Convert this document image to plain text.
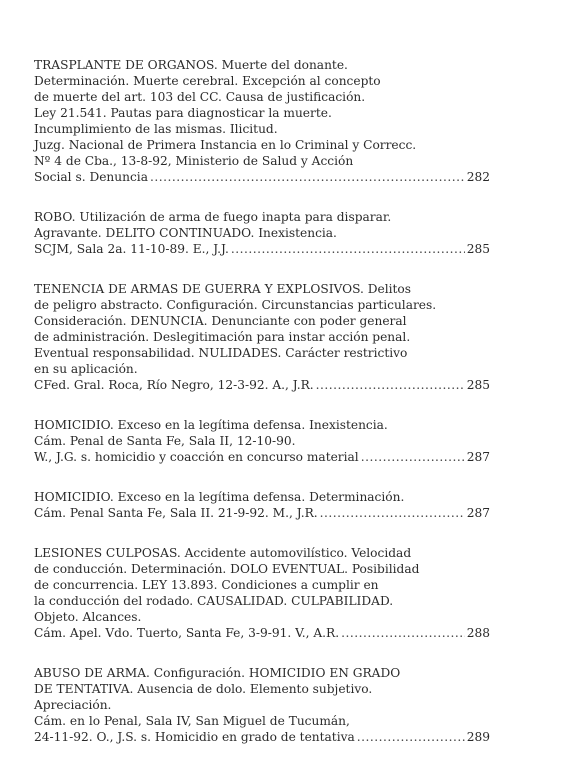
TRASPLANTE DE ORGANOS. Muerte del donante.
Determinación. Muerte cerebral. Excepción al concepto
de muerte del art. 103 del CC. Causa de justificación.
Ley 21.541. Pautas para diagnosticar la muerte.
Incumplimiento de las mismas. Ilicitud.
Juzg. Nacional de Primera Instancia en lo Criminal y Correcc.
Nº 4 de Cba., 13-8-92, Ministerio de Salud y Acción
Social s. Denuncia .....	282
ROBO. Utilización de arma de fuego inapta para disparar.
Agravante. DELITO CONTINUADO. Inexistencia.
SCJM, Sala 2a. 11-10-89. E., J.J. .....	285
TENENCIA DE ARMAS DE GUERRA Y EXPLOSIVOS. Delitos
de peligro abstracto. Configuración. Circunstancias particulares.
Consideración. DENUNCIA. Denunciante con poder general
de administración. Deslegitimación para instar acción penal.
Eventual responsabilidad. NULIDADES. Carácter restrictivo
en su aplicación.
CFed. Gral. Roca, Río Negro, 12-3-92. A., J.R. .....	285
HOMICIDIO. Exceso en la legítima defensa. Inexistencia.
Cám. Penal de Santa Fe, Sala II, 12-10-90.
W., J.G. s. homicidio y coacción en concurso material .....	287
HOMICIDIO. Exceso en la legítima defensa. Determinación.
Cám. Penal Santa Fe, Sala II. 21-9-92. M., J.R. .....	287
LESIONES CULPOSAS. Accidente automovilístico. Velocidad
de conducción. Determinación. DOLO EVENTUAL. Posibilidad
de concurrencia. LEY 13.893. Condiciones a cumplir en
la conducción del rodado. CAUSALIDAD. CULPABILIDAD.
Objeto. Alcances.
Cám. Apel. Vdo. Tuerto, Santa Fe, 3-9-91. V., A.R. .....	288
ABUSO DE ARMA. Configuración. HOMICIDIO EN GRADO
DE TENTATIVA. Ausencia de dolo. Elemento subjetivo.
Apreciación.
Cám. en lo Penal, Sala IV, San Miguel de Tucumán,
24-11-92. O., J.S. s. Homicidio en grado de tentativa .....	289
